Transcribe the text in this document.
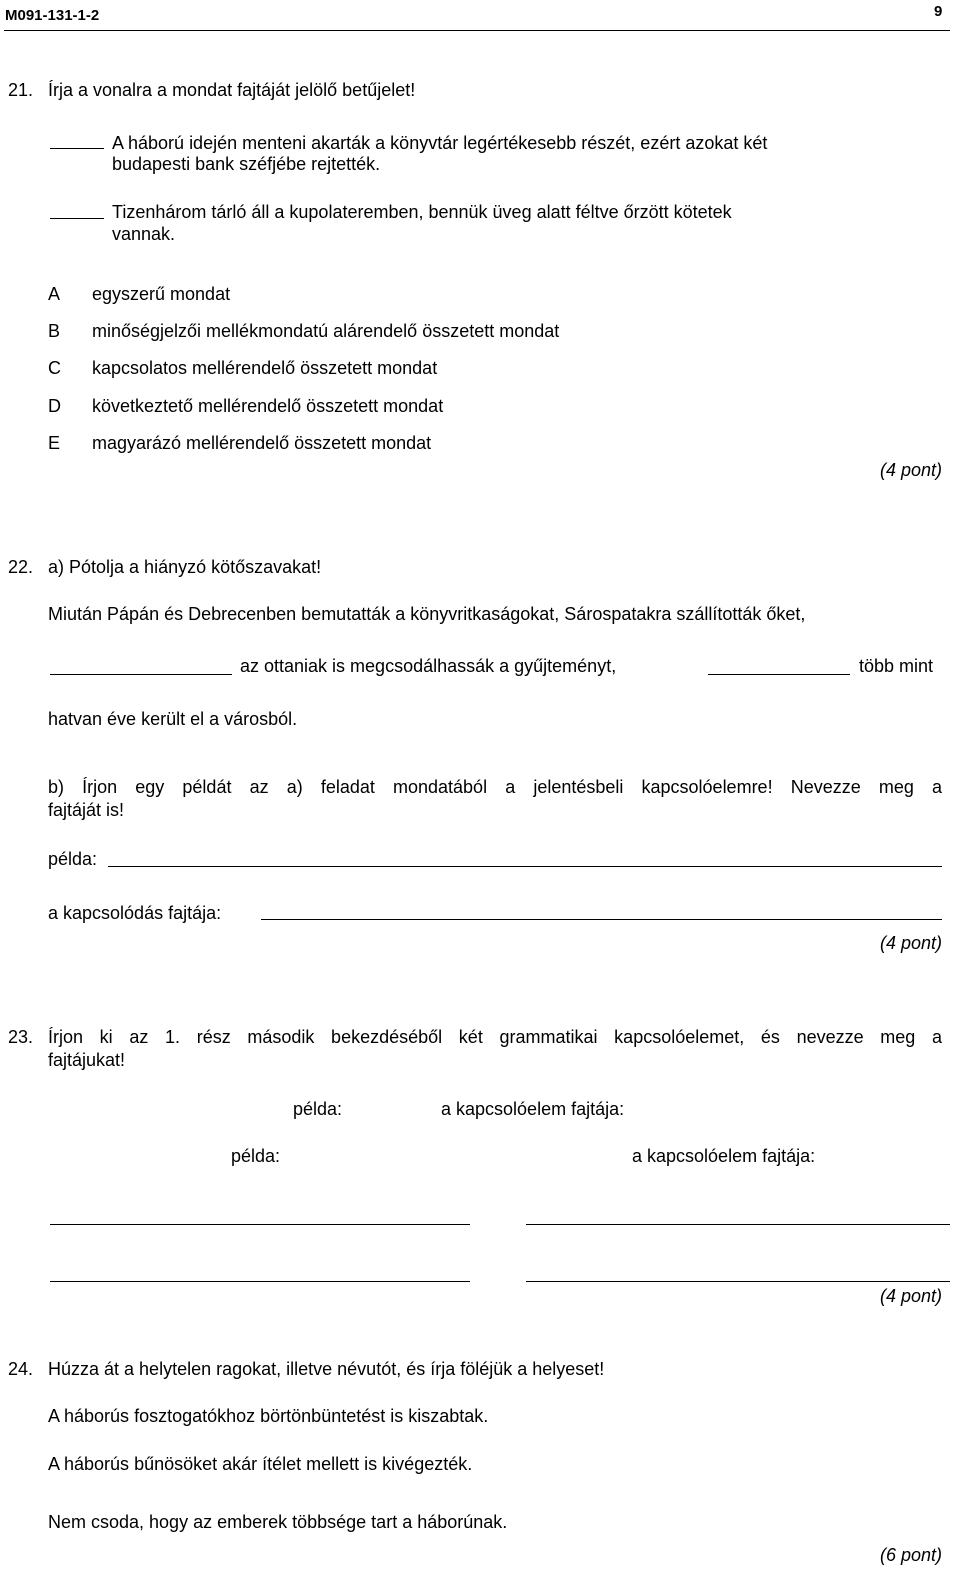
M091-131-1-2	9
21. Írja a vonalra a mondat fajtáját jelölő betűjelet!
A háború idején menteni akarták a könyvtár legértékesebb részét, ezért azokat két
budapesti bank széfjébe rejtették.
Tizenhárom tárló áll a kupolateremben, bennük üveg alatt féltve őrzött kötetek
vannak.
A egyszerű mondat
B minőségjelzői mellékmondatú alárendelő összetett mondat
C kapcsolatos mellérendelő összetett mondat
D következtető mellérendelő összetett mondat
E magyarázó mellérendelő összetett mondat
(4 pont)
22. a) Pótolja a hiányzó kötőszavakat!
Miután Pápán és Debrecenben bemutatták a könyvritkaságokat, Sárospatakra szállították őket,
az ottaniak is megcsodálhassák a gyűjteményt,	több mint
hatvan éve került el a városból.
b) Írjon egy példát az a) feladat mondatából a jelentésbeli kapcsolóelemre! Nevezze meg a
fajtáját is!
példa:
a kapcsolódás fajtája:
(4 pont)
23. Írjon ki az 1. rész második bekezdéséből két grammatikai kapcsolóelemet, és nevezze meg a
fajtájukat!
példa:	a kapcsolóelem fajtája:
példa:	a kapcsolóelem fajtája:
(4 pont)
24. Húzza át a helytelen ragokat, illetve névutót, és írja föléjük a helyeset!
A háborús fosztogatókhoz börtönbüntetést is kiszabtak.
A háborús bűnösöket akár ítélet mellett is kivégezték.
Nem csoda, hogy az emberek többsége tart a háborúnak.
(6 pont)
